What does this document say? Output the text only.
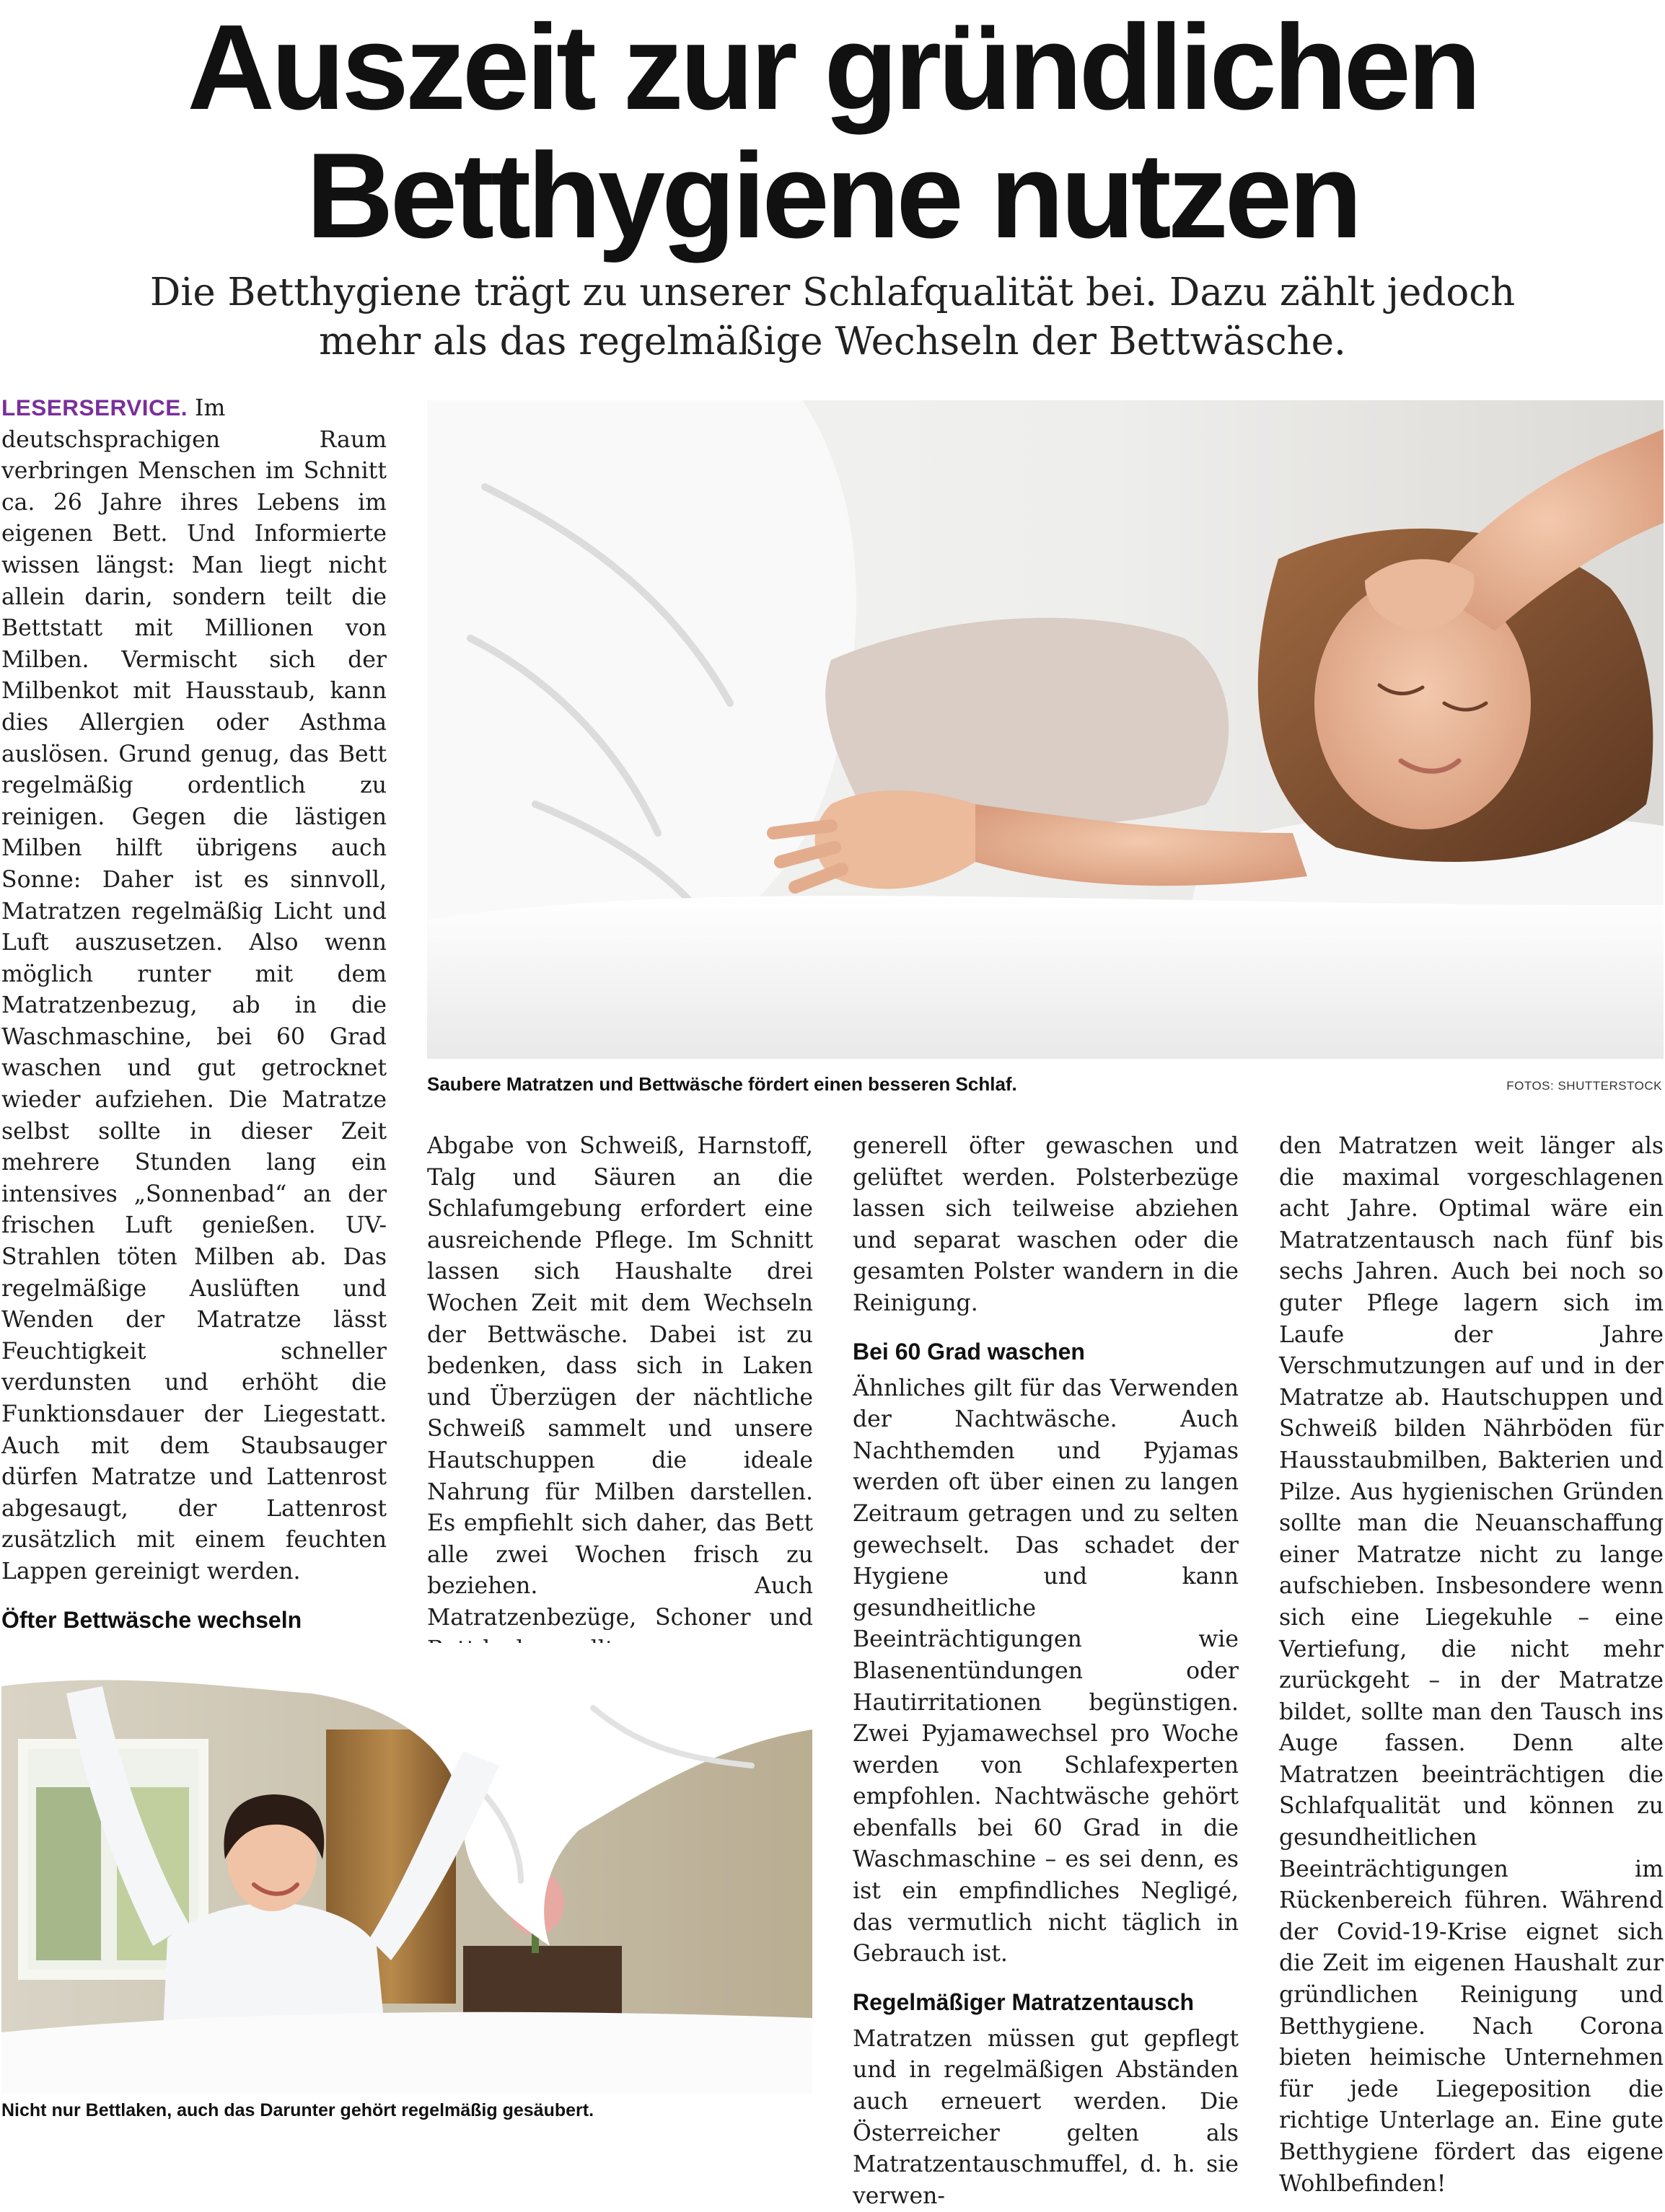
Auszeit zur gründlichen
Betthygiene nutzen
Die Betthygiene trägt zu unserer Schlafqualität bei. Dazu zählt jedoch
mehr als das regelmäßige Wechseln der Bettwäsche.

LESERSERVICE. Im deutschsprachigen Raum verbringen Menschen im Schnitt ca. 26 Jahre ihres Lebens im eigenen Bett. Und Informierte wissen längst: Man liegt nicht allein darin, sondern teilt die Bettstatt mit Millionen von Milben. Vermischt sich der Milbenkot mit Hausstaub, kann dies Allergien oder Asthma auslösen. Grund genug, das Bett regelmäßig ordentlich zu reinigen. Gegen die lästigen Milben hilft übrigens auch Sonne: Daher ist es sinnvoll, Matratzen regelmäßig Licht und Luft auszusetzen. Also wenn möglich runter mit dem Matratzenbezug, ab in die Waschmaschine, bei 60 Grad waschen und gut getrocknet wieder aufziehen. Die Matratze selbst sollte in dieser Zeit mehrere Stunden lang ein intensives „Sonnenbad“ an der frischen Luft genießen. UV-Strahlen töten Milben ab. Das regelmäßige Auslüften und Wenden der Matratze lässt Feuchtigkeit schneller verdunsten und erhöht die Funktionsdauer der Liegestatt. Auch mit dem Staubsauger dürfen Matratze und Lattenrost abgesaugt, der Lattenrost zusätzlich mit einem feuchten Lappen gereinigt werden.

Öfter Bettwäsche wechseln

Saubere Matratzen und Bettwäsche fördert einen besseren Schlaf.	FOTOS: SHUTTERSTOCK

Abgabe von Schweiß, Harnstoff, Talg und Säuren an die Schlafumgebung erfordert eine ausreichende Pflege. Im Schnitt lassen sich Haushalte drei Wochen Zeit mit dem Wechseln der Bettwäsche. Dabei ist zu bedenken, dass sich in Laken und Überzügen der nächtliche Schweiß sammelt und unsere Hautschuppen die ideale Nahrung für Milben darstellen. Es empfiehlt sich daher, das Bett alle zwei Wochen frisch zu beziehen. Auch Matratzenbezüge, Schoner und

generell öfter gewaschen und gelüftet werden. Polsterbezüge lassen sich teilweise abziehen und separat waschen oder die gesamten Polster wandern in die Reinigung.

Bei 60 Grad waschen

Ähnliches gilt für das Verwenden der Nachtwäsche. Auch Nachthemden und Pyjamas werden oft über einen zu langen Zeitraum getragen und zu selten gewechselt. Das schadet der Hygiene und kann gesundheitliche Beeinträchtigungen wie Blasenentündungen oder Hautirritationen begünstigen. Zwei Pyjamawechsel pro Woche werden von Schlafexperten empfohlen. Nachtwäsche gehört ebenfalls bei 60 Grad in die Waschmaschine – es sei denn, es ist ein empfindliches Negligé, das vermutlich nicht täglich in Gebrauch ist.

Regelmäßiger Matratzentausch

Matratzen müssen gut gepflegt und in regelmäßigen Abständen auch erneuert werden. Die Österreicher gelten als Matratzentauschmuffel, d. h. sie verwen-

den Matratzen weit länger als die maximal vorgeschlagenen acht Jahre. Optimal wäre ein Matratzentausch nach fünf bis sechs Jahren. Auch bei noch so guter Pflege lagern sich im Laufe der Jahre Verschmutzungen auf und in der Matratze ab. Hautschuppen und Schweiß bilden Nährböden für Hausstaubmilben, Bakterien und Pilze. Aus hygienischen Gründen sollte man die Neuanschaffung einer Matratze nicht zu lange aufschieben. Insbesondere wenn sich eine Liegekuhle – eine Vertiefung, die nicht mehr zurückgeht – in der Matratze bildet, sollte man den Tausch ins Auge fassen. Denn alte Matratzen beeinträchtigen die Schlafqualität und können zu gesundheitlichen Beeinträchtigungen im Rückenbereich führen. Während der Covid-19-Krise eignet sich die Zeit im eigenen Haushalt zur gründlichen Reinigung und Betthygiene. Nach Corona bieten heimische Unternehmen für jede Liegeposition die richtige Unterlage an. Eine gute Betthygiene fördert das eigene Wohlbefinden!

Nicht nur Bettlaken, auch das Darunter gehört regelmäßig gesäubert.
